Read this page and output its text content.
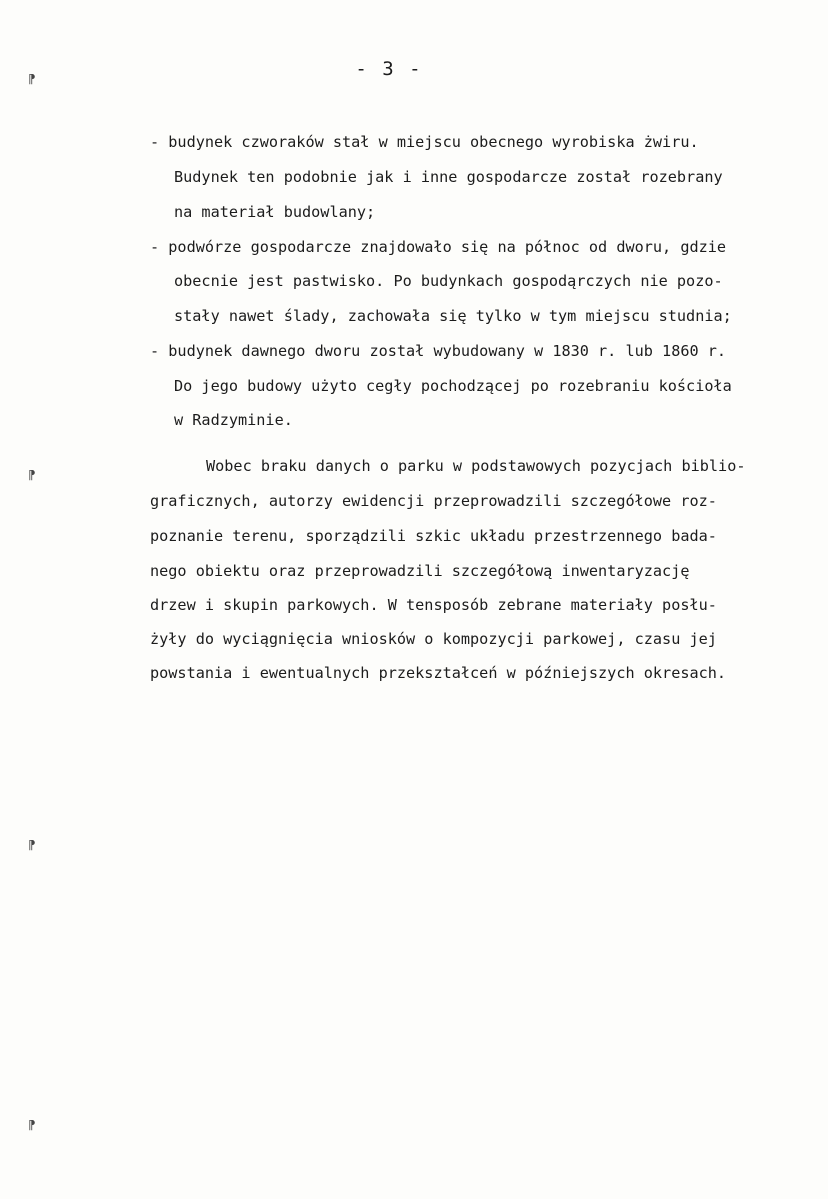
⁋
⁋
⁋
⁋

- 3 -

- budynek czworaków stał w miejscu obecnego wyrobiska żwiru.

Budynek ten podobnie jak i inne gospodarcze został rozebrany

na materiał budowlany;

- podwórze gospodarcze znajdowało się na północ od dworu, gdzie

obecnie jest pastwisko. Po budynkach gospodąrczych nie pozo-

stały nawet ślady, zachowała się tylko w tym miejscu studnia;

- budynek dawnego dworu został wybudowany w 1830 r. lub 1860 r.

Do jego budowy użyto cegły pochodzącej po rozebraniu kościoła

w Radzyminie.

Wobec braku danych o parku w podstawowych pozycjach biblio-

graficznych, autorzy ewidencji przeprowadzili szczegółowe roz-

poznanie terenu, sporządzili szkic układu przestrzennego bada-

nego obiektu oraz przeprowadzili szczegółową inwentaryzację

drzew i skupin parkowych. W tensposób zebrane materiały posłu-

żyły do wyciągnięcia wniosków o kompozycji parkowej, czasu jej

powstania i ewentualnych przekształceń w późniejszych okresach.
